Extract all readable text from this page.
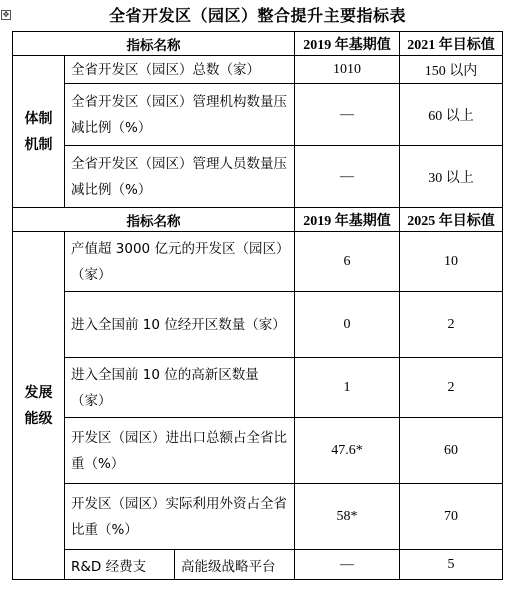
✥	全省开发区（园区）整合提升主要指标表
指标名称			2019 年基期值	2021 年目标值
体制
机制	全省开发区（园区）总数（家）		1010	150 以内
	全省开发区（园区）管理机构数量压减比例（%）		—	60 以上
	全省开发区（园区）管理人员数量压减比例（%）		—	30 以上
指标名称			2019 年基期值	2025 年目标值
发展
能级	产值超 3000 亿元的开发区（园区）（家）		6	10
	进入全国前 10 位经开区数量（家）		0	2
	进入全国前 10 位的高新区数量（家）		1	2
	开发区（园区）进出口总额占全省比重（%）		47.6*	60
	开发区（园区）实际利用外资占全省比重（%）		58*	70
	R&D 经费支	高能级战略平台	—	5
